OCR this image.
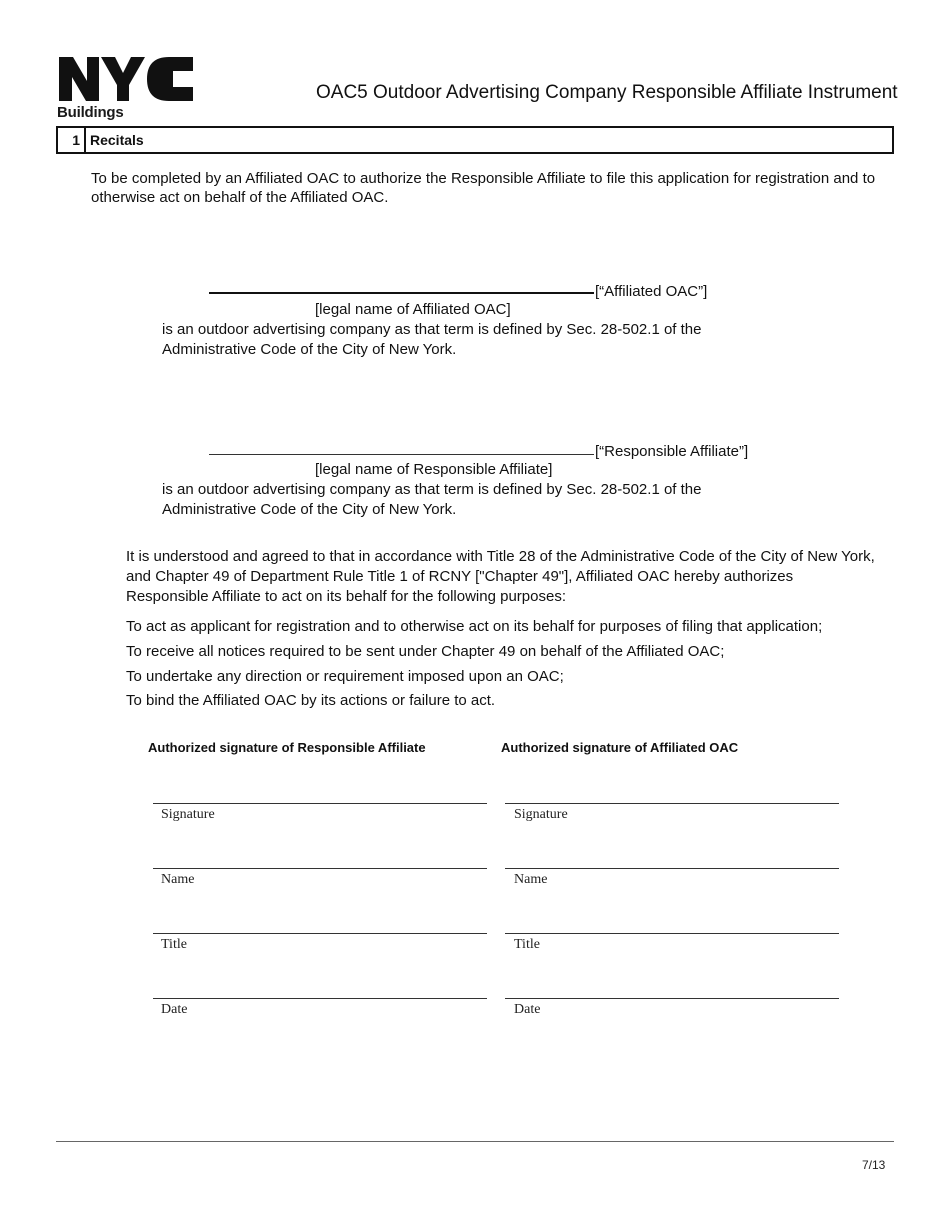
Buildings
OAC5 Outdoor Advertising Company Responsible Affiliate Instrument
1 Recitals
To be completed by an Affiliated OAC to authorize the Responsible Affiliate to file this application for registration and to otherwise act on behalf of the Affiliated OAC.
[“Affiliated OAC”]
[legal name of Affiliated OAC]
is an outdoor advertising company as that term is defined by Sec. 28-502.1 of the
Administrative Code of the City of New York.
[“Responsible Affiliate”]
[legal name of Responsible Affiliate]
is an outdoor advertising company as that term is defined by Sec. 28-502.1 of the
Administrative Code of the City of New York.
It is understood and agreed to that in accordance with Title 28 of the Administrative Code of the City of New York, and Chapter 49 of Department Rule Title 1 of RCNY ["Chapter 49"], Affiliated OAC hereby authorizes Responsible Affiliate to act on its behalf for the following purposes:
To act as applicant for registration and to otherwise act on its behalf for purposes of filing that application;
To receive all notices required to be sent under Chapter 49 on behalf of the Affiliated OAC;
To undertake any direction or requirement imposed upon an OAC;
To bind the Affiliated OAC by its actions or failure to act.
Authorized signature of Responsible Affiliate	Authorized signature of Affiliated OAC
Signature
Name
Title
Date
Signature
Name
Title
Date
7/13
